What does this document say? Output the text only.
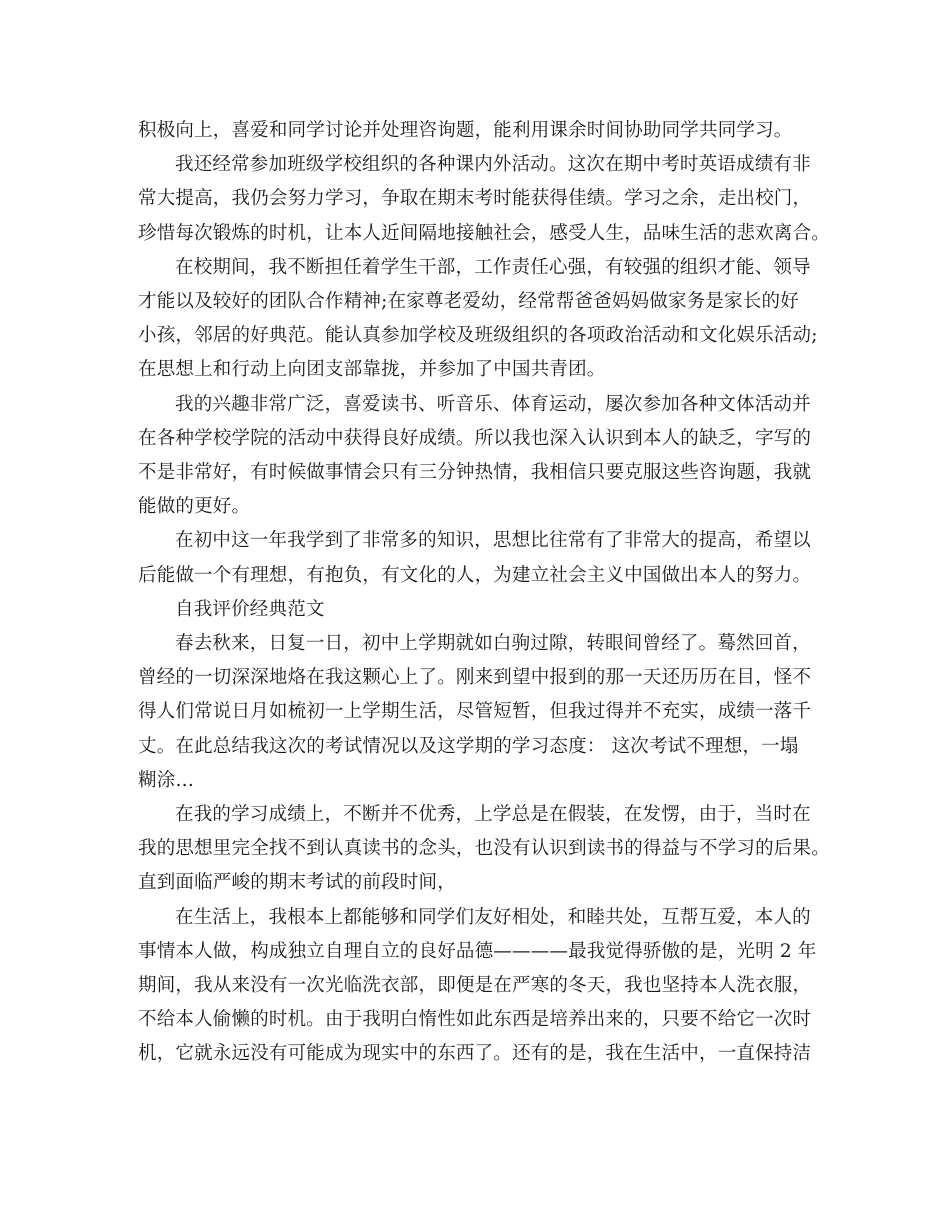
积极向上，喜爱和同学讨论并处理咨询题，能利用课余时间协助同学共同学习。
我还经常参加班级学校组织的各种课内外活动。这次在期中考时英语成绩有非
常大提高，我仍会努力学习，争取在期末考时能获得佳绩。学习之余，走出校门，
珍惜每次锻炼的时机，让本人近间隔地接触社会，感受人生，品味生活的悲欢离合。
在校期间，我不断担任着学生干部，工作责任心强，有较强的组织才能、领导
才能以及较好的团队合作精神;在家尊老爱幼，经常帮爸爸妈妈做家务是家长的好
小孩，邻居的好典范。能认真参加学校及班级组织的各项政治活动和文化娱乐活动;
在思想上和行动上向团支部靠拢，并参加了中国共青团。
我的兴趣非常广泛，喜爱读书、听音乐、体育运动，屡次参加各种文体活动并
在各种学校学院的活动中获得良好成绩。所以我也深入认识到本人的缺乏，字写的
不是非常好，有时候做事情会只有三分钟热情，我相信只要克服这些咨询题，我就
能做的更好。
在初中这一年我学到了非常多的知识，思想比往常有了非常大的提高，希望以
后能做一个有理想，有抱负，有文化的人，为建立社会主义中国做出本人的努力。
自我评价经典范文
春去秋来，日复一日，初中上学期就如白驹过隙，转眼间曾经了。蓦然回首，
曾经的一切深深地烙在我这颗心上了。刚来到望中报到的那一天还历历在目，怪不
得人们常说日月如梳初一上学期生活，尽管短暂，但我过得并不充实，成绩一落千
丈。在此总结我这次的考试情况以及这学期的学习态度： 这次考试不理想，一塌
糊涂…
在我的学习成绩上，不断并不优秀，上学总是在假装，在发愣，由于，当时在
我的思想里完全找不到认真读书的念头，也没有认识到读书的得益与不学习的后果。
直到面临严峻的期末考试的前段时间，
在生活上，我根本上都能够和同学们友好相处，和睦共处，互帮互爱，本人的
事情本人做，构成独立自理自立的良好品德————最我觉得骄傲的是，光明 2 年
期间，我从来没有一次光临洗衣部，即便是在严寒的冬天，我也坚持本人洗衣服，
不给本人偷懒的时机。由于我明白惰性如此东西是培养出来的，只要不给它一次时
机，它就永远没有可能成为现实中的东西了。还有的是，我在生活中，一直保持洁
